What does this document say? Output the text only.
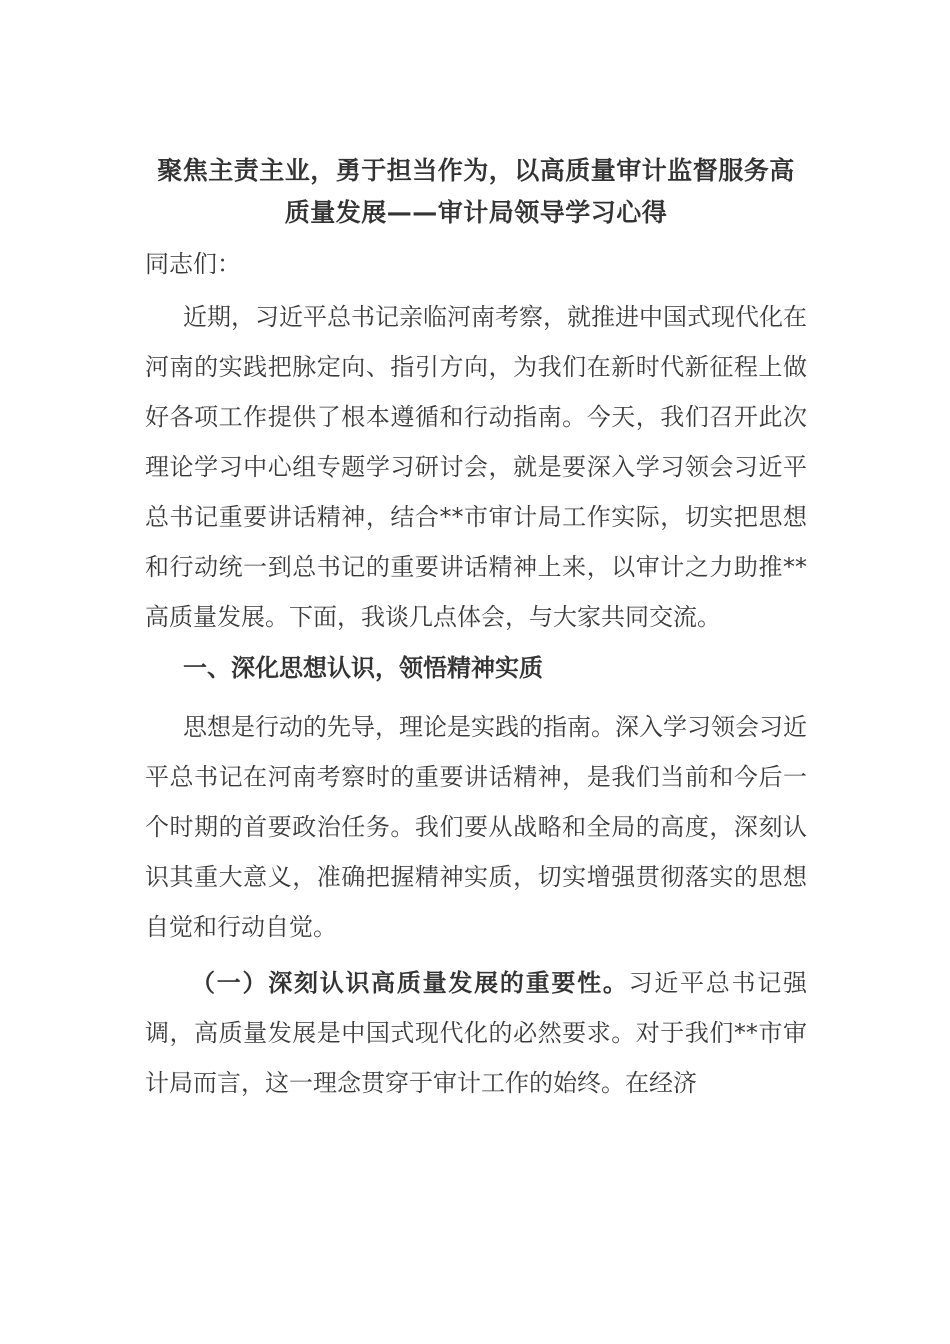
聚焦主责主业，勇于担当作为，以高质量审计监督服务高质量发展——审计局领导学习心得
同志们：

近期，习近平总书记亲临河南考察，就推进中国式现代化在河南的实践把脉定向、指引方向，为我们在新时代新征程上做好各项工作提供了根本遵循和行动指南。今天，我们召开此次理论学习中心组专题学习研讨会，就是要深入学习领会习近平总书记重要讲话精神，结合**市审计局工作实际，切实把思想和行动统一到总书记的重要讲话精神上来，以审计之力助推**高质量发展。下面，我谈几点体会，与大家共同交流。

一、深化思想认识，领悟精神实质

思想是行动的先导，理论是实践的指南。深入学习领会习近平总书记在河南考察时的重要讲话精神，是我们当前和今后一个时期的首要政治任务。我们要从战略和全局的高度，深刻认识其重大意义，准确把握精神实质，切实增强贯彻落实的思想自觉和行动自觉。

（一）深刻认识高质量发展的重要性。习近平总书记强调，高质量发展是中国式现代化的必然要求。对于我们**市审计局而言，这一理念贯穿于审计工作的始终。在经济
